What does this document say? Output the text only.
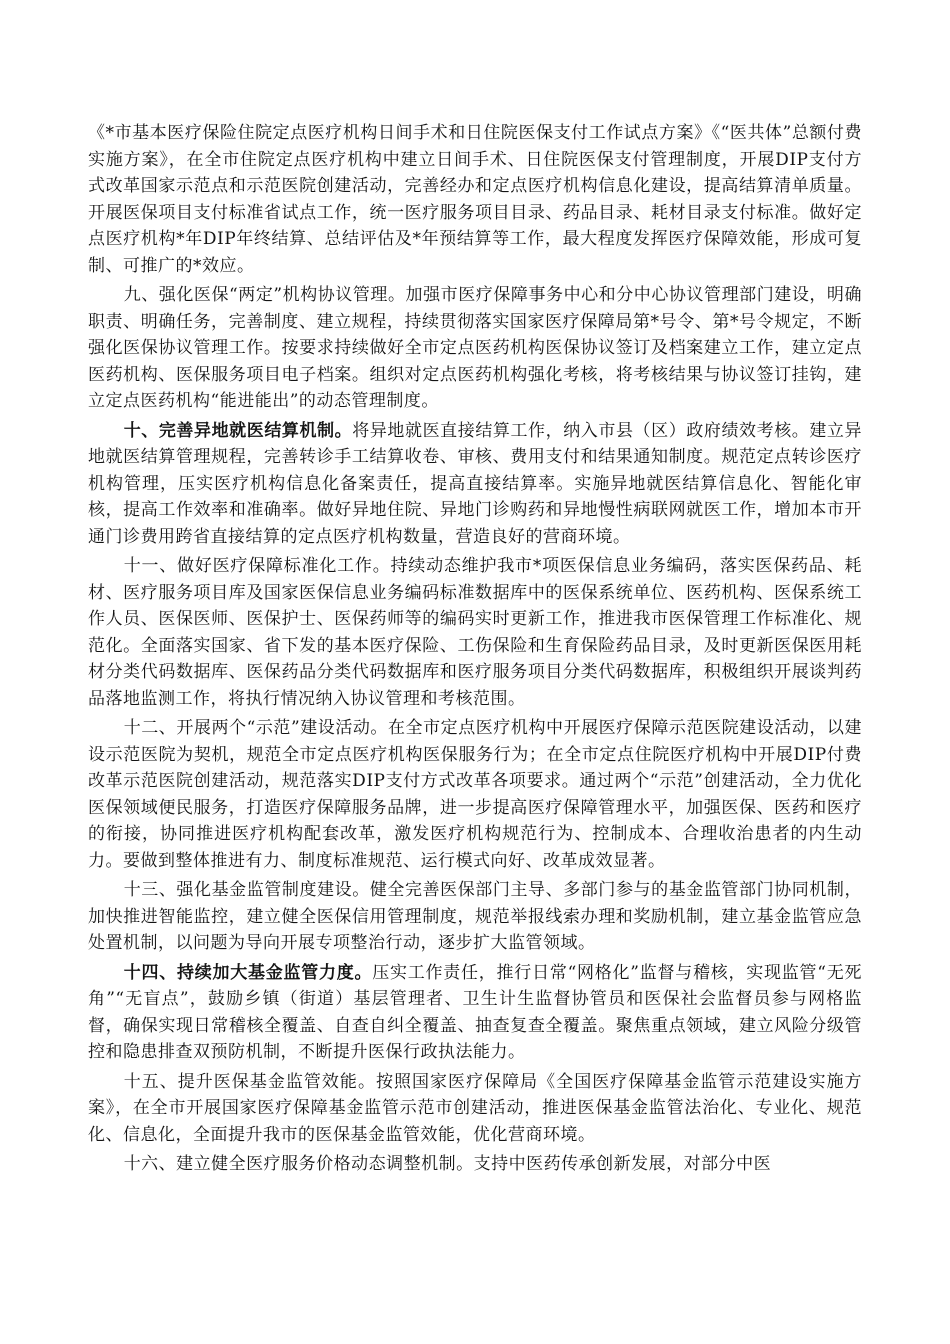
《*市基本医疗保险住院定点医疗机构日间手术和日住院医保支付工作试点方案》《“医共体”总额付费实施方案》，在全市住院定点医疗机构中建立日间手术、日住院医保支付管理制度，开展DIP支付方式改革国家示范点和示范医院创建活动，完善经办和定点医疗机构信息化建设，提高结算清单质量。开展医保项目支付标准省试点工作，统一医疗服务项目目录、药品目录、耗材目录支付标准。做好定点医疗机构*年DIP年终结算、总结评估及*年预结算等工作，最大程度发挥医疗保障效能，形成可复制、可推广的*效应。

九、强化医保“两定”机构协议管理。加强市医疗保障事务中心和分中心协议管理部门建设，明确职责、明确任务，完善制度、建立规程，持续贯彻落实国家医疗保障局第*号令、第*号令规定，不断强化医保协议管理工作。按要求持续做好全市定点医药机构医保协议签订及档案建立工作，建立定点医药机构、医保服务项目电子档案。组织对定点医药机构强化考核，将考核结果与协议签订挂钩，建立定点医药机构“能进能出”的动态管理制度。

十、完善异地就医结算机制。将异地就医直接结算工作，纳入市县（区）政府绩效考核。建立异地就医结算管理规程，完善转诊手工结算收卷、审核、费用支付和结果通知制度。规范定点转诊医疗机构管理，压实医疗机构信息化备案责任，提高直接结算率。实施异地就医结算信息化、智能化审核，提高工作效率和准确率。做好异地住院、异地门诊购药和异地慢性病联网就医工作，增加本市开通门诊费用跨省直接结算的定点医疗机构数量，营造良好的营商环境。

十一、做好医疗保障标准化工作。持续动态维护我市*项医保信息业务编码，落实医保药品、耗材、医疗服务项目库及国家医保信息业务编码标准数据库中的医保系统单位、医药机构、医保系统工作人员、医保医师、医保护士、医保药师等的编码实时更新工作，推进我市医保管理工作标准化、规范化。全面落实国家、省下发的基本医疗保险、工伤保险和生育保险药品目录，及时更新医保医用耗材分类代码数据库、医保药品分类代码数据库和医疗服务项目分类代码数据库，积极组织开展谈判药品落地监测工作，将执行情况纳入协议管理和考核范围。

十二、开展两个“示范”建设活动。在全市定点医疗机构中开展医疗保障示范医院建设活动，以建设示范医院为契机，规范全市定点医疗机构医保服务行为；在全市定点住院医疗机构中开展DIP付费改革示范医院创建活动，规范落实DIP支付方式改革各项要求。通过两个“示范”创建活动，全力优化医保领域便民服务，打造医疗保障服务品牌，进一步提高医疗保障管理水平，加强医保、医药和医疗的衔接，协同推进医疗机构配套改革，激发医疗机构规范行为、控制成本、合理收治患者的内生动力。要做到整体推进有力、制度标准规范、运行模式向好、改革成效显著。

十三、强化基金监管制度建设。健全完善医保部门主导、多部门参与的基金监管部门协同机制，加快推进智能监控，建立健全医保信用管理制度，规范举报线索办理和奖励机制，建立基金监管应急处置机制，以问题为导向开展专项整治行动，逐步扩大监管领域。

十四、持续加大基金监管力度。压实工作责任，推行日常“网格化”监督与稽核，实现监管“无死角”“无盲点”，鼓励乡镇（街道）基层管理者、卫生计生监督协管员和医保社会监督员参与网格监督，确保实现日常稽核全覆盖、自查自纠全覆盖、抽查复查全覆盖。聚焦重点领域，建立风险分级管控和隐患排查双预防机制，不断提升医保行政执法能力。

十五、提升医保基金监管效能。按照国家医疗保障局《全国医疗保障基金监管示范建设实施方案》，在全市开展国家医疗保障基金监管示范市创建活动，推进医保基金监管法治化、专业化、规范化、信息化，全面提升我市的医保基金监管效能，优化营商环境。

十六、建立健全医疗服务价格动态调整机制。支持中医药传承创新发展，对部分中医
